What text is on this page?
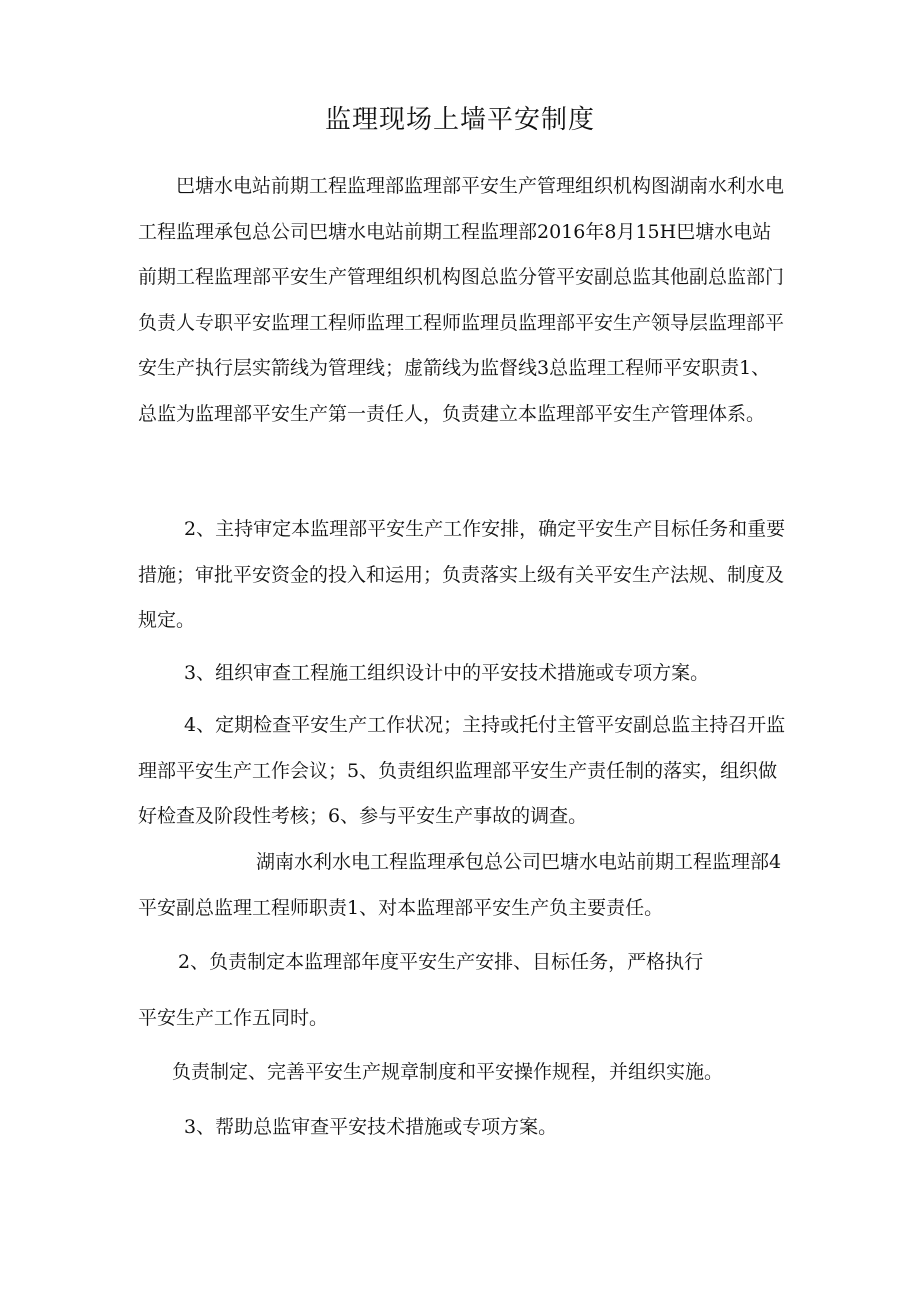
监理现场上墙平安制度

巴塘水电站前期工程监理部监理部平安生产管理组织机构图湖南水利水电工程监理承包总公司巴塘水电站前期工程监理部2016年8月15H巴塘水电站前期工程监理部平安生产管理组织机构图总监分管平安副总监其他副总监部门负责人专职平安监理工程师监理工程师监理员监理部平安生产领导层监理部平安生产执行层实箭线为管理线；虚箭线为监督线3总监理工程师平安职责1、总监为监理部平安生产第一责任人，负责建立本监理部平安生产管理体系。

2、主持审定本监理部平安生产工作安排，确定平安生产目标任务和重要措施；审批平安资金的投入和运用；负责落实上级有关平安生产法规、制度及规定。

3、组织审查工程施工组织设计中的平安技术措施或专项方案。

4、定期检查平安生产工作状况；主持或托付主管平安副总监主持召开监理部平安生产工作会议；5、负责组织监理部平安生产责任制的落实，组织做好检查及阶段性考核；6、参与平安生产事故的调查。

湖南水利水电工程监理承包总公司巴塘水电站前期工程监理部4平安副总监理工程师职责1、对本监理部平安生产负主要责任。

2、负责制定本监理部年度平安生产安排、目标任务，严格执行

平安生产工作五同时。

负责制定、完善平安生产规章制度和平安操作规程，并组织实施。

3、帮助总监审查平安技术措施或专项方案。
